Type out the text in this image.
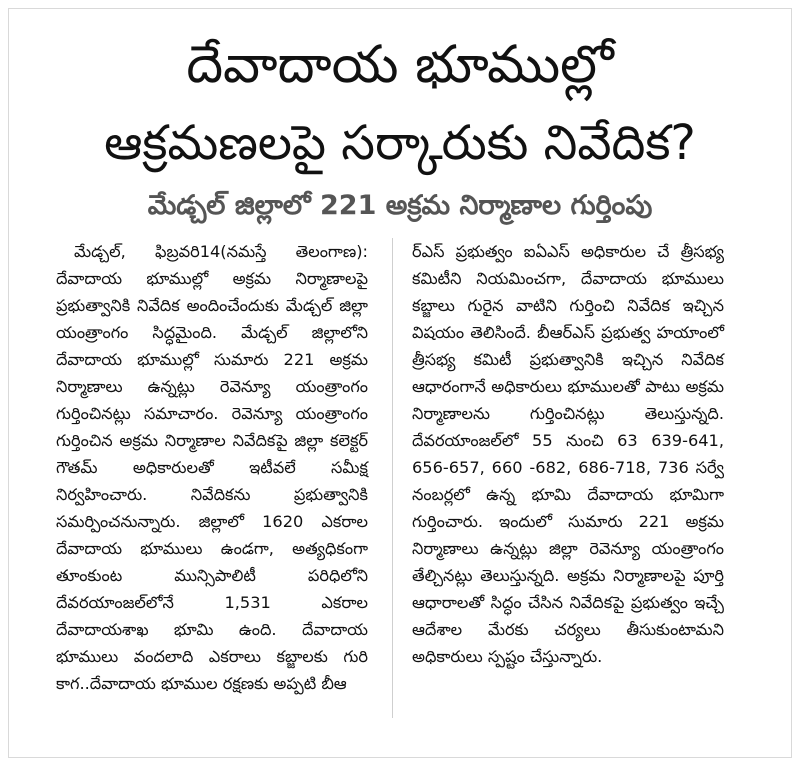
దేవాదాయ భూముల్లో
ఆక్రమణలపై సర్కారుకు నివేదిక?
మేడ్చల్ జిల్లాలో 221 అక్రమ నిర్మాణాల గుర్తింపు

మేడ్చల్, ఫిబ్రవరి14(నమస్తే తెలంగాణ): దేవాదాయ భూముల్లో అక్రమ నిర్మాణాలపై ప్రభుత్వానికి నివేదిక అందించేందుకు మేడ్చల్ జిల్లా యంత్రాంగం సిద్ధమైంది. మేడ్చల్ జిల్లాలోని దేవాదాయ భూముల్లో సుమారు 221 అక్రమ నిర్మాణాలు ఉన్నట్లు రెవెన్యూ యంత్రాంగం గుర్తించినట్లు సమాచారం. రెవెన్యూ యంత్రాంగం గుర్తించిన అక్రమ నిర్మాణాల నివేదికపై జిల్లా కలెక్టర్ గౌతమ్ అధికారులతో ఇటీవలే సమీక్ష నిర్వహించారు. నివేదికను ప్రభుత్వానికి సమర్పించనున్నారు. జిల్లాలో 1620 ఎకరాల దేవాదాయ భూములు ఉండగా, అత్యధికంగా తూంకుంట మున్సిపాలిటీ పరిధిలోని దేవరయాంజల్‌లోనే 1,531 ఎకరాల దేవాదాయశాఖ భూమి ఉంది. దేవాదాయ భూములు వందలాది ఎకరాలు కబ్జాలకు గురి కాగ..దేవాదాయ భూముల రక్షణకు అప్పటి బీఆ

ర్ఎస్ ప్రభుత్వం ఐఏఎస్ అధికారుల చే త్రీసభ్య కమిటీని నియమించగా, దేవాదాయ భూములు కబ్జాలు గురైన వాటిని గుర్తించి నివేదిక ఇచ్చిన విషయం తెలిసిందే. బీఆర్ఎస్ ప్రభుత్వ హయాంలో త్రీసభ్య కమిటీ ప్రభుత్వానికి ఇచ్చిన నివేదిక ఆధారంగానే అధికారులు భూములతో పాటు అక్రమ నిర్మాణాలను గుర్తించినట్లు తెలుస్తున్నది. దేవరయాంజల్‌లో 55 నుంచి 63 639-641, 656-657, 660 -682, 686-718, 736 సర్వే నంబర్లలో ఉన్న భూమి దేవాదాయ భూమిగా గుర్తించారు. ఇందులో సుమారు 221 అక్రమ నిర్మాణాలు ఉన్నట్లు జిల్లా రెవెన్యూ యంత్రాంగం తేల్చినట్లు తెలుస్తున్నది. అక్రమ నిర్మాణాలపై పూర్తి ఆధారాలతో సిద్ధం చేసిన నివేదికపై ప్రభుత్వం ఇచ్చే ఆదేశాల మేరకు చర్యలు తీసుకుంటామని అధికారులు స్పష్టం చేస్తున్నారు.
